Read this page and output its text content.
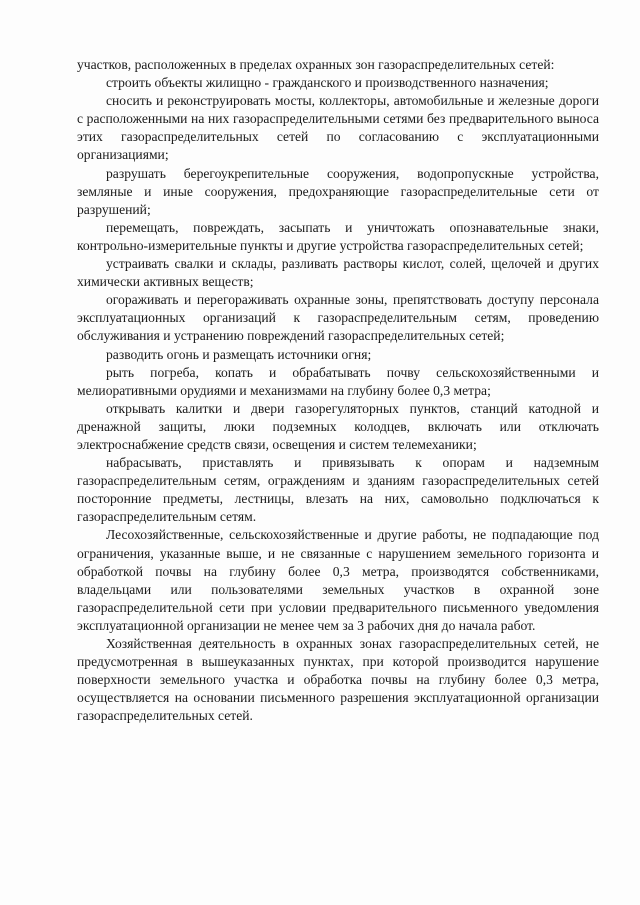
участков, расположенных в пределах охранных зон газораспределительных сетей:

строить объекты жилищно - гражданского и производственного назначения;

сносить и реконструировать мосты, коллекторы, автомобильные и железные дороги с расположенными на них газораспределительными сетями без предварительного выноса этих газораспределительных сетей по согласованию с эксплуатационными организациями;

разрушать берегоукрепительные сооружения, водопропускные устройства, земляные и иные сооружения, предохраняющие газораспределительные сети от разрушений;

перемещать, повреждать, засыпать и уничтожать опознавательные знаки, контрольно-измерительные пункты и другие устройства газораспределительных сетей;

устраивать свалки и склады, разливать растворы кислот, солей, щелочей и других химически активных веществ;

огораживать и перегораживать охранные зоны, препятствовать доступу персонала эксплуатационных организаций к газораспределительным сетям, проведению обслуживания и устранению повреждений газораспределительных сетей;

разводить огонь и размещать источники огня;

рыть погреба, копать и обрабатывать почву сельскохозяйственными и мелиоративными орудиями и механизмами на глубину более 0,3 метра;

открывать калитки и двери газорегуляторных пунктов, станций катодной и дренажной защиты, люки подземных колодцев, включать или отключать электроснабжение средств связи, освещения и систем телемеханики;

набрасывать, приставлять и привязывать к опорам и надземным газораспределительным сетям, ограждениям и зданиям газораспределительных сетей посторонние предметы, лестницы, влезать на них, самовольно подключаться к газораспределительным сетям.

Лесохозяйственные, сельскохозяйственные и другие работы, не подпадающие под ограничения, указанные выше, и не связанные с нарушением земельного горизонта и обработкой почвы на глубину более 0,3 метра, производятся собственниками, владельцами или пользователями земельных участков в охранной зоне газораспределительной сети при условии предварительного письменного уведомления эксплуатационной организации не менее чем за 3 рабочих дня до начала работ.

Хозяйственная деятельность в охранных зонах газораспределительных сетей, не предусмотренная в вышеуказанных пунктах, при которой производится нарушение поверхности земельного участка и обработка почвы на глубину более 0,3 метра, осуществляется на основании письменного разрешения эксплуатационной организации газораспределительных сетей.
